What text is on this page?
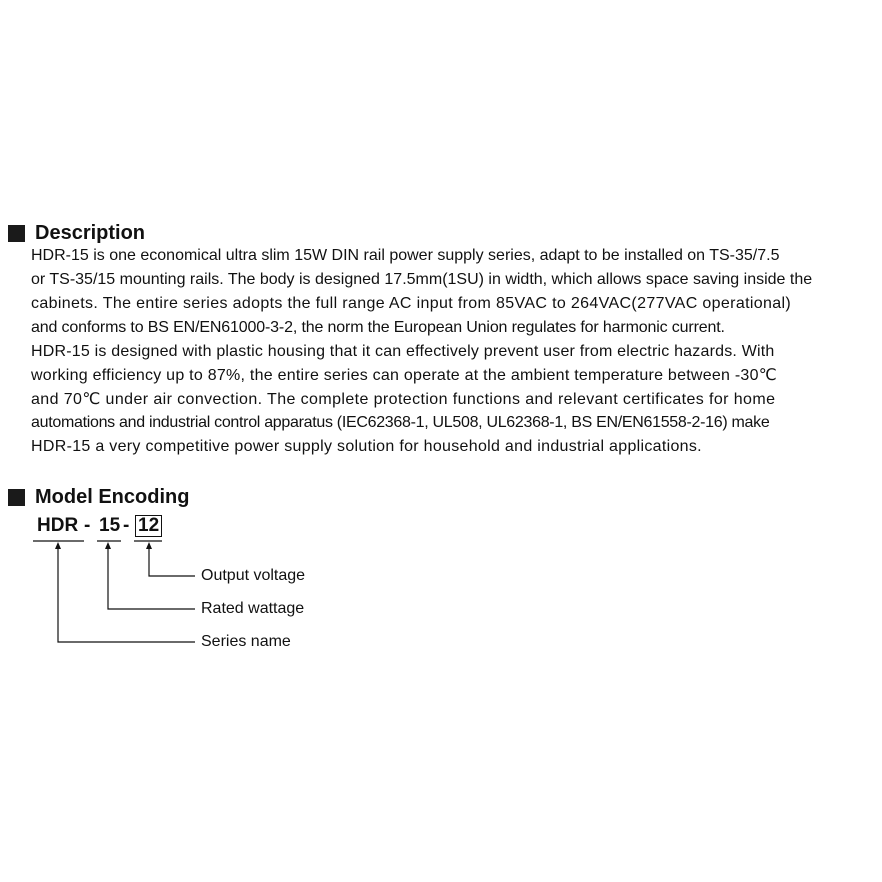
Description
HDR-15 is one economical ultra slim 15W DIN rail power supply series, adapt to be installed on TS-35/7.5
or TS-35/15 mounting rails. The body is designed 17.5mm(1SU) in width, which allows space saving inside the
cabinets. The entire series adopts the full range AC input from 85VAC to 264VAC(277VAC operational)
and conforms to BS EN/EN61000-3-2, the norm the European Union regulates for harmonic current.
HDR-15 is designed with plastic housing that it can effectively prevent user from electric hazards. With
working efficiency up to 87%, the entire series can operate at the ambient temperature between -30℃
and 70℃ under air convection. The complete protection functions and relevant certificates for home
automations and industrial control apparatus (IEC62368-1, UL508, UL62368-1, BS EN/EN61558-2-16) make
HDR-15 a very competitive power supply solution for household and industrial applications.
Model Encoding
HDR - 15 - 12
Output voltage
Rated wattage
Series name
